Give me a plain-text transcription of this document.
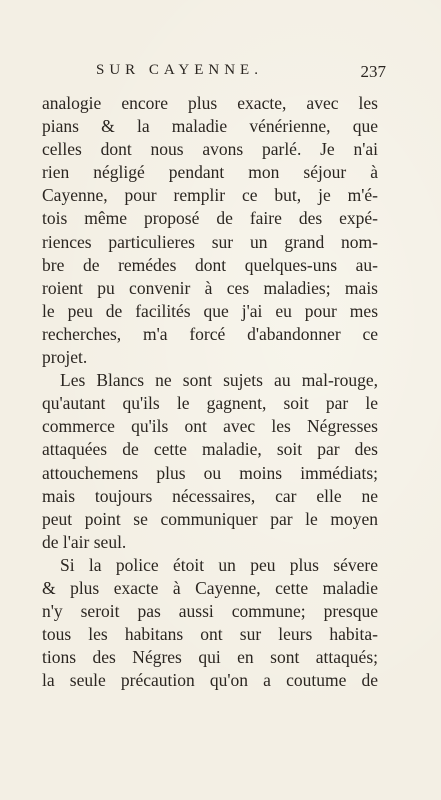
SUR CAYENNE.	237
analogie encore plus exacte, avec les
pians & la maladie vénérienne, que
celles dont nous avons parlé. Je n'ai
rien négligé pendant mon séjour à
Cayenne, pour remplir ce but, je m'é-
tois même proposé de faire des expé-
riences particulieres sur un grand nom-
bre de remédes dont quelques-uns au-
roient pu convenir à ces maladies; mais
le peu de facilités que j'ai eu pour mes
recherches, m'a forcé d'abandonner ce
projet.
Les Blancs ne sont sujets au mal-rouge,
qu'autant qu'ils le gagnent, soit par le
commerce qu'ils ont avec les Négresses
attaquées de cette maladie, soit par des
attouchemens plus ou moins immédiats;
mais toujours nécessaires, car elle ne
peut point se communiquer par le moyen
de l'air seul.
Si la police étoit un peu plus sévere
& plus exacte à Cayenne, cette maladie
n'y seroit pas aussi commune; presque
tous les habitans ont sur leurs habita-
tions des Négres qui en sont attaqués;
la seule précaution qu'on a coutume de
